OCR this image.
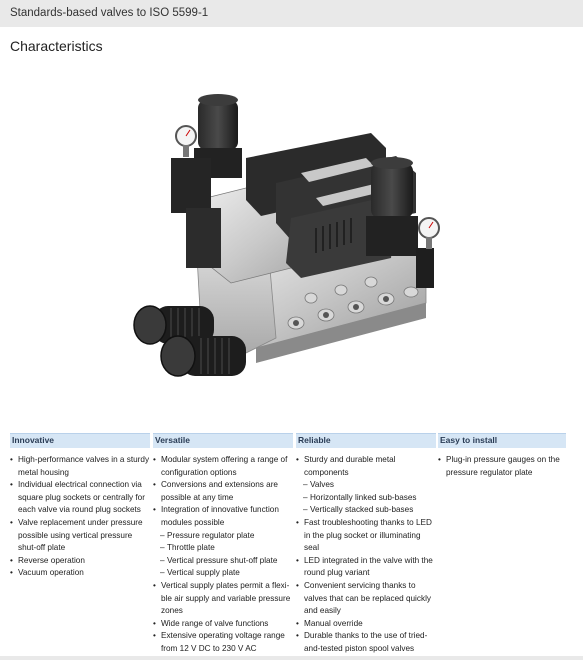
Standards-based valves to ISO 5599-1
Characteristics
Innovative
• High-performance valves in a sturdy
metal housing
• Individual electrical connection via
square plug sockets or centrally for
each valve via round plug sockets
• Valve replacement under pressure
possible using vertical pressure
shut-off plate
• Reverse operation
• Vacuum operation
Versatile
• Modular system offering a range of
configuration options
• Conversions and extensions are
possible at any time
• Integration of innovative function
modules possible
– Pressure regulator plate
– Throttle plate
– Vertical pressure shut-off plate
– Vertical supply plate
• Vertical supply plates permit a flexi-
ble air supply and variable pressure
zones
• Wide range of valve functions
• Extensive operating voltage range
from 12 V DC to 230 V AC
Reliable
• Sturdy and durable metal
components
– Valves
– Horizontally linked sub-bases
– Vertically stacked sub-bases
• Fast troubleshooting thanks to LED
in the plug socket or illuminating
seal
• LED integrated in the valve with the
round plug variant
• Convenient servicing thanks to
valves that can be replaced quickly
and easily
• Manual override
• Durable thanks to the use of tried-
and-tested piston spool valves
Easy to install
• Plug-in pressure gauges on the
pressure regulator plate
